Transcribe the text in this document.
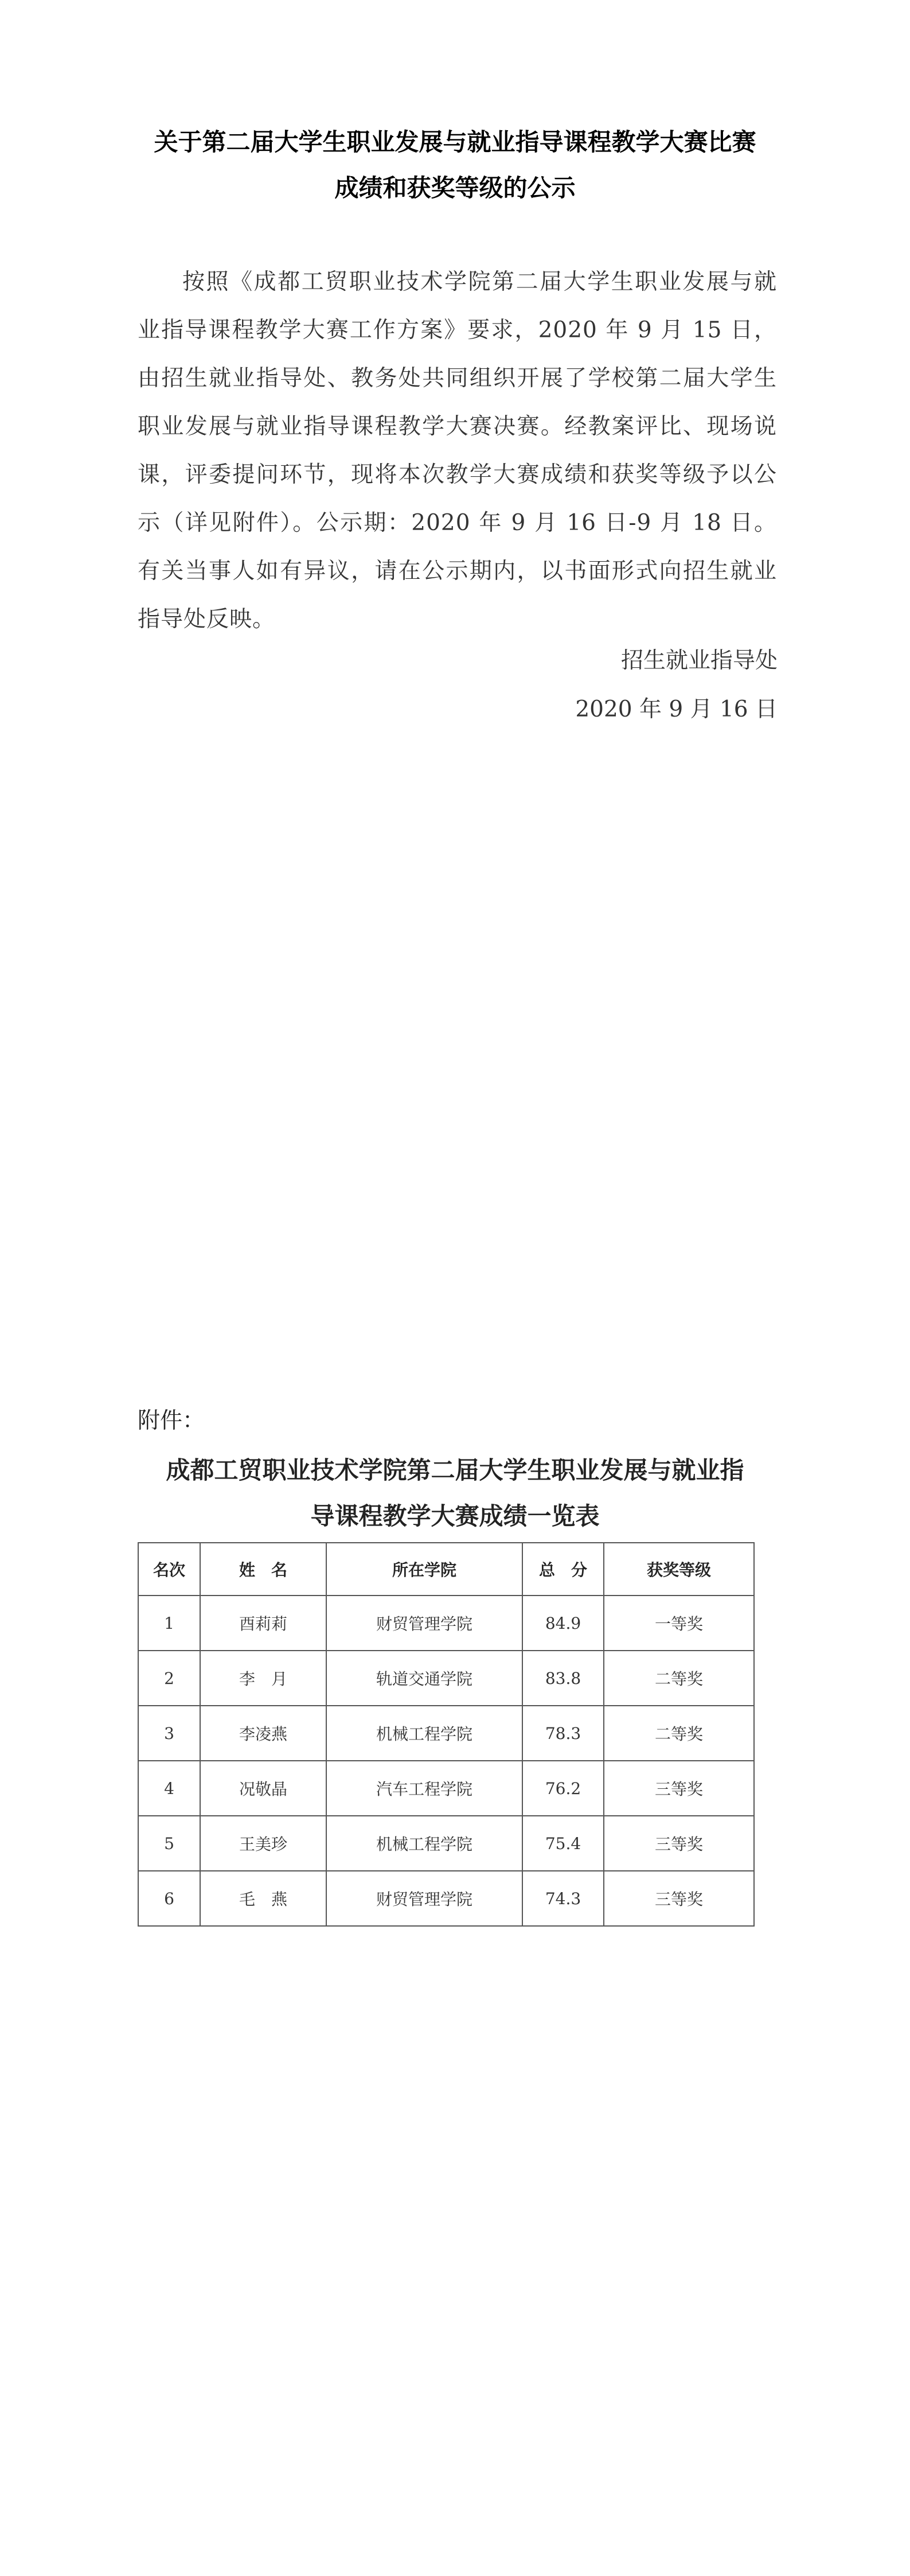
关于第二届大学生职业发展与就业指导课程教学大赛比赛
成绩和获奖等级的公示
按照《成都工贸职业技术学院第二届大学生职业发展与就业指导课程教学大赛工作方案》要求，2020 年 9 月 15 日，由招生就业指导处、教务处共同组织开展了学校第二届大学生职业发展与就业指导课程教学大赛决赛。经教案评比、现场说课，评委提问环节，现将本次教学大赛成绩和获奖等级予以公示（详见附件）。公示期：2020 年 9 月 16 日-9 月 18 日。有关当事人如有异议，请在公示期内，以书面形式向招生就业指导处反映。
招生就业指导处
2020 年 9 月 16 日
附件：
成都工贸职业技术学院第二届大学生职业发展与就业指
导课程教学大赛成绩一览表
名次	姓　名	所在学院	总　分	获奖等级
1	酉莉莉	财贸管理学院	84.9	一等奖
2	李　月	轨道交通学院	83.8	二等奖
3	李凌燕	机械工程学院	78.3	二等奖
4	况敬晶	汽车工程学院	76.2	三等奖
5	王美珍	机械工程学院	75.4	三等奖
6	毛　燕	财贸管理学院	74.3	三等奖
